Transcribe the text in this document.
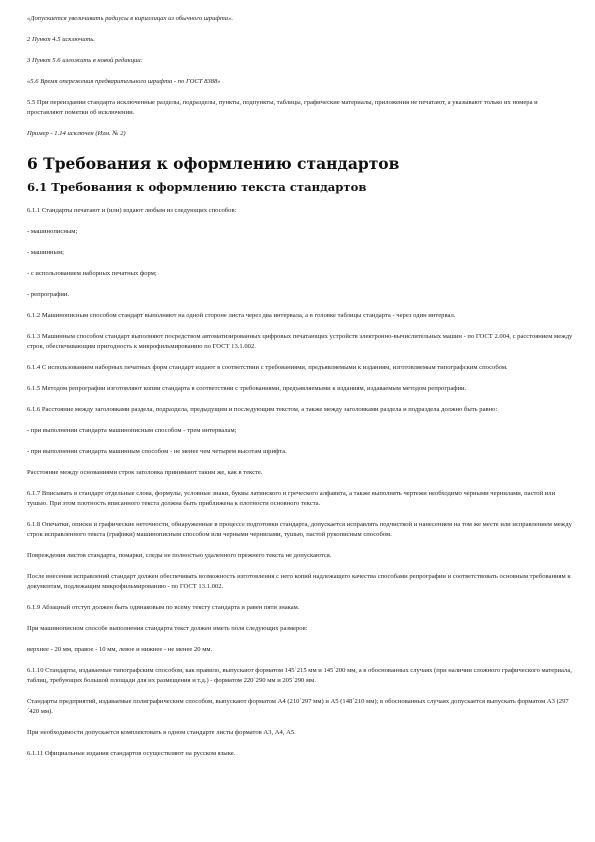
«Допускается увеличивать радиусы в кириллицах из обычного шрифта».

2 Пункт 4.5 исключить.

3 Пункт 5.6 изложить в новой редакции:

«5.6 Время опережения предварительного шрифта - по ГОСТ 8388»

5.5 При переиздании стандарта исключенные разделы, подразделы, пункты, подпункты, таблицы, графические материалы, приложения не печатают, а указывают только их номера и проставляют пометки об исключении.

Пример - 1.14 исключен (Изм. № 2)

6 Требования к оформлению стандартов
6.1 Требования к оформлению текста стандартов

6.1.1 Стандарты печатают и (или) издают любым из следующих способов:

- машинописным;

- машинным;

- с использованием наборных печатных форм;

- репрографии.

6.1.2 Машинописным способом стандарт выполняют на одной стороне листа через два интервала, а в головке таблицы стандарта - через один интервал.

6.1.3 Машинным способом стандарт выполняют посредством автоматизированных цифровых печатающих устройств электронно-вычислительных машин - по ГОСТ 2.004, с расстоянием между строк, обеспечивающим пригодность к микрофильмированию по ГОСТ 13.1.002.

6.1.4 С использованием наборных печатных форм стандарт издают в соответствии с требованиями, предъявляемыми к изданиям, изготовляемым типографским способом.

6.1.5 Методом репрографии изготовляют копии стандарта в соответствии с требованиями, предъявляемыми к изданиям, издаваемым методом репрографии.

6.1.6 Расстояние между заголовками раздела, подраздела, предыдущим и последующим текстом, а также между заголовками раздела и подраздела должно быть равно:

- при выполнении стандарта машинописным способом - трем интервалам;

- при выполнении стандарта машинным способом - не менее чем четырем высотам шрифта.

Расстояние между основаниями строк заголовка принимают таким же, как в тексте.

6.1.7 Вписывать в стандарт отдельные слова, формулы, условные знаки, буквы латинского и греческого алфавита, а также выполнять чертежи необходимо черными чернилами, пастой или тушью. При этом плотность вписанного текста должна быть приближена к плотности основного текста.

6.1.8 Опечатки, описки и графические неточности, обнаруженные в процессе подготовки стандарта, допускается исправлять подчисткой и нанесением на том же месте или исправлением между строк исправленного текста (графики) машинописным способом или черными чернилами, тушью, пастой рукописным способом.

Повреждения листов стандарта, помарки, следы не полностью удаленного прежнего текста не допускаются.

После внесения исправлений стандарт должен обеспечивать возможность изготовления с него копий надлежащего качества способами репрографии и соответствовать основным требованиям к документам, подлежащим микрофильмированию - по ГОСТ 13.1.002.

6.1.9 Абзацный отступ должен быть одинаковым по всему тексту стандарта и равен пяти знакам.

При машинописном способе выполнения стандарта текст должен иметь поля следующих размеров:

верхнее - 20 мм, правое - 10 мм, левое и нижнее - не менее 20 мм.

6.1.10 Стандарты, издаваемые типографским способом, как правило, выпускают форматом 145´215 мм и 145´200 мм, а в обоснованных случаях (при наличии сложного графического материала, таблиц, требующих большой площади для их размещения и т.д.) - форматом 220´290 мм и 205´290 мм.

Стандарты предприятий, издаваемые полиграфическим способом, выпускают форматом А4 (210´297 мм) и А5 (148´210 мм); в обоснованных случаях допускается выпускать форматом А3 (297´420 мм).

При необходимости допускается комплектовать в одном стандарте листы форматов А3, А4, А5.

6.1.11 Официальные издания стандартов осуществляют на русском языке.
